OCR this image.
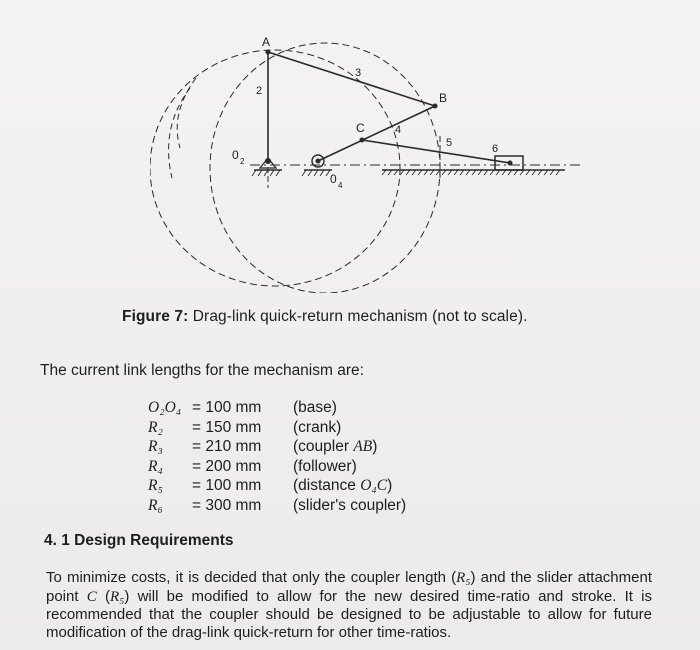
A
B
C
2
3
4
5	6
0 2
0 4
Figure 7: Drag-link quick-return mechanism (not to scale).
The current link lengths for the mechanism are:
O₂O₄	= 100 mm	(base)
R₂	= 150 mm	(crank)
R₃	= 210 mm	(coupler AB)
R₄	= 200 mm	(follower)
R₅	= 100 mm	(distance O₄C)
R₆	= 300 mm	(slider's coupler)
4. 1 Design Requirements
To minimize costs, it is decided that only the coupler length (R₅) and the slider attachment point C (R₅) will be modified to allow for the new desired time-ratio and stroke. It is recommended that the coupler should be designed to be adjustable to allow for future modification of the drag-link quick-return for other time-ratios.
